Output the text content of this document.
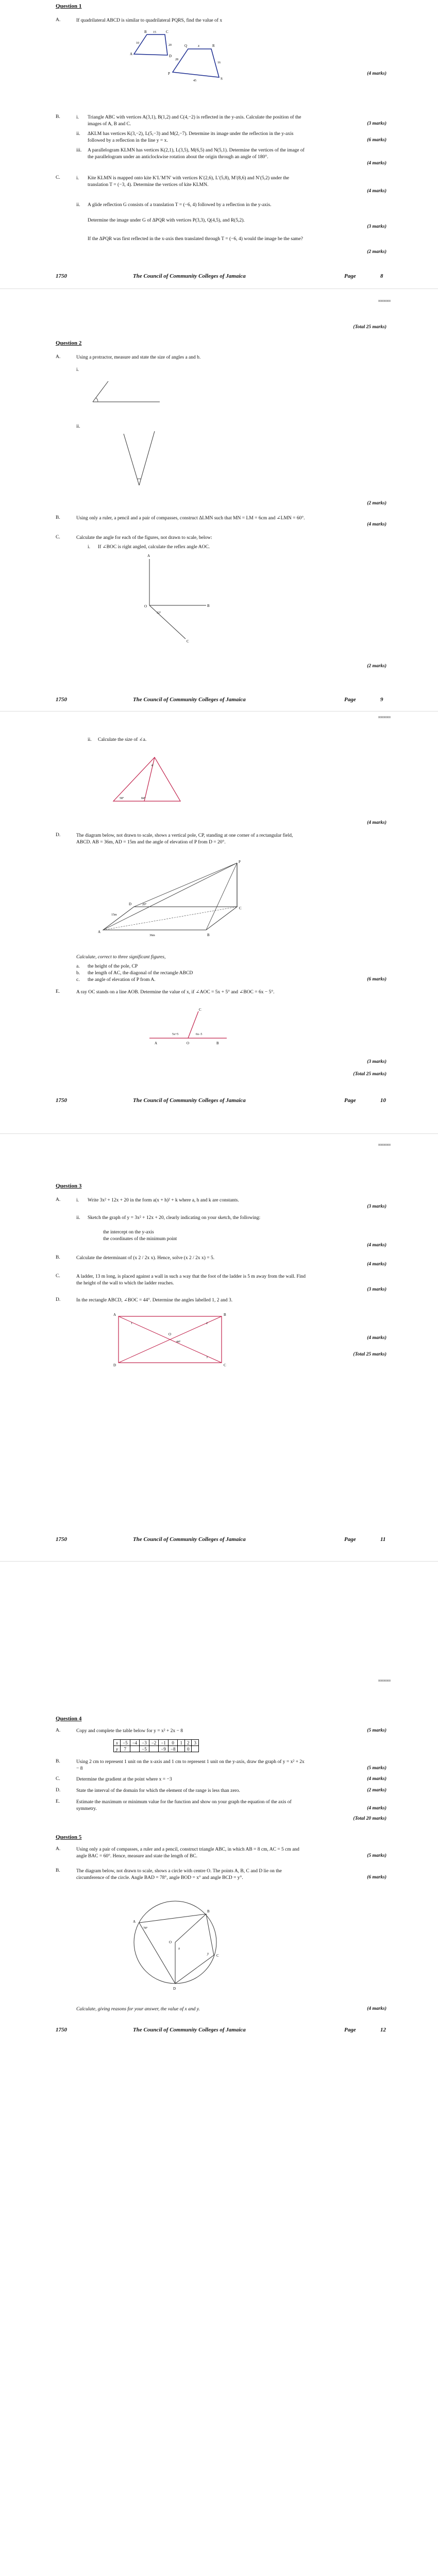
Question 1
A.	If quadrilateral ABCD is similar to quadrilateral PQRS, find the value of x
A
B	C
D
P
Q	R
S
15
10
20
28
x
16
45
(4 marks)
B.	i.	Triangle ABC with vertices A(3,1), B(1,2) and C(4,−2) is reflected in the y-axis. Calculate the position of the images of A, B and C.	(3 marks)
ii.	ΔKLM has vertices K(3,−2), L(5,−3) and M(2,−7). Determine its image under the reflection in the y-axis followed by a reflection in the line y = x.	(6 marks)
iii.	A parallelogram KLMN has vertices K(2,1), L(3,5), M(6,5) and N(5,1). Determine the vertices of the image of the parallelogram under an anticlockwise rotation about the origin through an angle of 180°.
(4 marks)
C.	i.	Kite KLMN is mapped onto kite K′L′M′N′ with vertices K′(2,6), L′(5,8), M′(8,6) and N′(5,2) under the translation T = (−3, 4). Determine the vertices of kite KLMN.
(4 marks)
ii.	A glide reflection G consists of a translation T = (−6, 4) followed by a reflection in the y-axis.
Determine the image under G of ΔPQR with vertices P(3,3), Q(4,5), and R(5,2).
(3 marks)
If the ΔPQR was first reflected in the x-axis then translated through T = (−6, 4) would the image be the same?
(2 marks)
1750	The Council of Community Colleges of Jamaica	Page	8
00000000
(Total 25 marks)
Question 2
A.	Using a protractor, measure and state the size of angles a and b.
i.
ii.
(2 marks)
B.	Using only a ruler, a pencil and a pair of compasses, construct ΔLMN such that MN = LM = 6cm and ∠LMN = 60°.
(4 marks)
C.	Calculate the angle for each of the figures, not drawn to scale, below:
i.	If ∠BOC is right angled, calculate the reflex angle AOC.
A
B
O
C
32°
(2 marks)
1750	The Council of Community Colleges of Jamaica	Page	9
00000000
ii.	Calculate the size of ∠a.
a
58°	84°
(4 marks)
D.	The diagram below, not drawn to scale, shows a vertical pole, CP, standing at one corner of a rectangular field, ABCD. AB = 36m, AD = 15m and the angle of elevation of P from D = 20°.
P
A
B
C
D
36m
15m
20°
Calculate, correct to three significant figures,
a.	the height of the pole, CP
b.	the length of AC, the diagonal of the rectangle ABCD
c.	the angle of elevation of P from A.	(6 marks)
E.	A ray OC stands on a line AOB. Determine the value of x, if ∠AOC = 5x + 5° and ∠BOC = 6x − 5°.
C
A	O	B
5x+5	6x−5
(3 marks)
(Total 25 marks)
1750	The Council of Community Colleges of Jamaica	Page	10
00000000
Question 3
A.	i.	Write 3x² + 12x + 20 in the form a(x + h)² + k where a, h and k are constants.
(3 marks)
ii.	Sketch the graph of y = 3x² + 12x + 20, clearly indicating on your sketch, the following:
the intercept on the y-axis
the coordinates of the minimum point
(4 marks)
B.	Calculate the determinant of (x 2 / 2x x). Hence, solve (x 2 / 2x x) = 5.
(4 marks)
C.	A ladder, 13 m long, is placed against a wall in such a way that the foot of the ladder is 5 m away from the wall. Find the height of the wall to which the ladder reaches.
(3 marks)
D.	In the rectangle ABCD, ∠BOC = 44°. Determine the angles labelled 1, 2 and 3.
A	B
C
D
O
1	2
3
44°
(4 marks)
(Total 25 marks)
1750	The Council of Community Colleges of Jamaica	Page	11
00000000
Question 4
A.	Copy and complete the table below for y = x² + 2x − 8	(5 marks)
x	−5	−4	−3	−2	−1	0	1	2	3
y	7		−5		−9	−8		0	
B.	Using 2 cm to represent 1 unit on the x-axis and 1 cm to represent 1 unit on the y-axis, draw the graph of y = x² + 2x − 8	(5 marks)
C.	Determine the gradient at the point where x = −3	(4 marks)
D.	State the interval of the domain for which the element of the range is less than zero.	(2 marks)
E.	Estimate the maximum or minimum value for the function and show on your graph the equation of the axis of symmetry.	(4 marks)
(Total 20 marks)
Question 5
A.	Using only a pair of compasses, a ruler and a pencil, construct triangle ABC, in which AB = 8 cm, AC = 5 cm and angle BAC = 60°. Hence, measure and state the length of BC.	(5 marks)
B.	The diagram below, not drawn to scale, shows a circle with centre O. The points A, B, C and D lie on the circumference of the circle. Angle BAD = 78°, angle BOD = x° and angle BCD = y°.	(6 marks)
A
B
C
D
O
78°
x
y
Calculate, giving reasons for your answer, the value of x and y.	(4 marks)
1750	The Council of Community Colleges of Jamaica	Page	12
